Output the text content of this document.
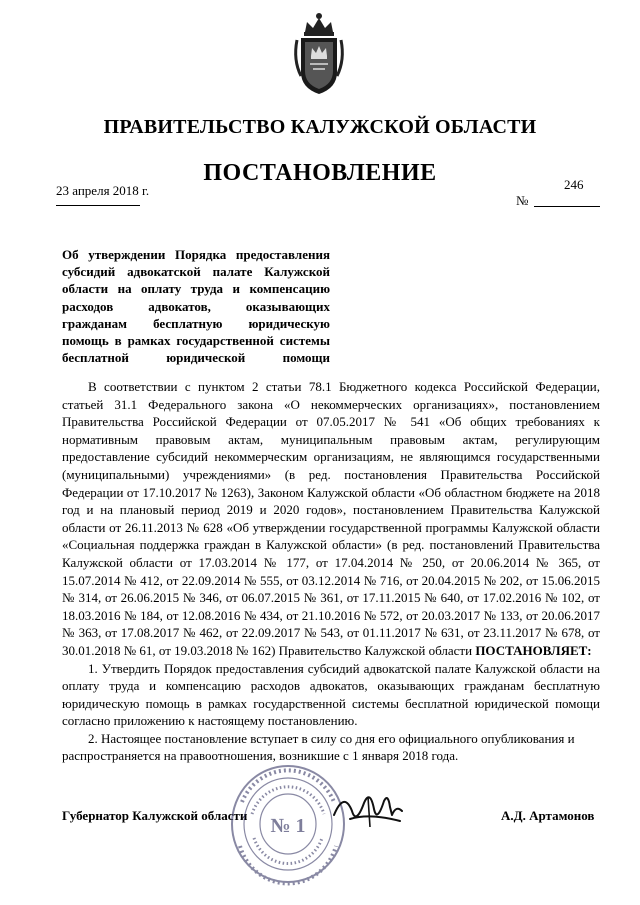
ПРАВИТЕЛЬСТВО КАЛУЖСКОЙ ОБЛАСТИ
ПОСТАНОВЛЕНИЕ
23 апреля 2018 г.	246
№
Об утверждении Порядка предоставления субсидий адвокатской палате Калужской области на оплату труда и компенсацию расходов адвокатов, оказывающих гражданам бесплатную юридическую помощь в рамках государственной системы бесплатной юридической помощи

В соответствии с пунктом 2 статьи 78.1 Бюджетного кодекса Российской Федерации, статьей 31.1 Федерального закона «О некоммерческих организациях», постановлением Правительства Российской Федерации от 07.05.2017 № 541 «Об общих требованиях к нормативным правовым актам, муниципальным правовым актам, регулирующим предоставление субсидий некоммерческим организациям, не являющимся государственными (муниципальными) учреждениями» (в ред. постановления Правительства Российской Федерации от 17.10.2017 № 1263), Законом Калужской области «Об областном бюджете на 2018 год и на плановый период 2019 и 2020 годов», постановлением Правительства Калужской области от 26.11.2013 № 628 «Об утверждении государственной программы Калужской области «Социальная поддержка граждан в Калужской области» (в ред. постановлений Правительства Калужской области от 17.03.2014 № 177, от 17.04.2014 № 250, от 20.06.2014 № 365, от 15.07.2014 № 412, от 22.09.2014 № 555, от 03.12.2014 № 716, от 20.04.2015 № 202, от 15.06.2015 № 314, от 26.06.2015 № 346, от 06.07.2015 № 361, от 17.11.2015 № 640, от 17.02.2016 № 102, от 18.03.2016 № 184, от 12.08.2016 № 434, от 21.10.2016 № 572, от 20.03.2017 № 133, от 20.06.2017 № 363, от 17.08.2017 № 462, от 22.09.2017 № 543, от 01.11.2017 № 631, от 23.11.2017 № 678, от 30.01.2018 № 61, от 19.03.2018 № 162) Правительство Калужской области ПОСТАНОВЛЯЕТ:

1. Утвердить Порядок предоставления субсидий адвокатской палате Калужской области на оплату труда и компенсацию расходов адвокатов, оказывающих гражданам бесплатную юридическую помощь в рамках государственной системы бесплатной юридической помощи согласно приложению к настоящему постановлению.

2. Настоящее постановление вступает в силу со дня его официального опубликования и распространяется на правоотношения, возникшие с 1 января 2018 года.

Губернатор Калужской области	А.Д. Артамонов
№ 1
